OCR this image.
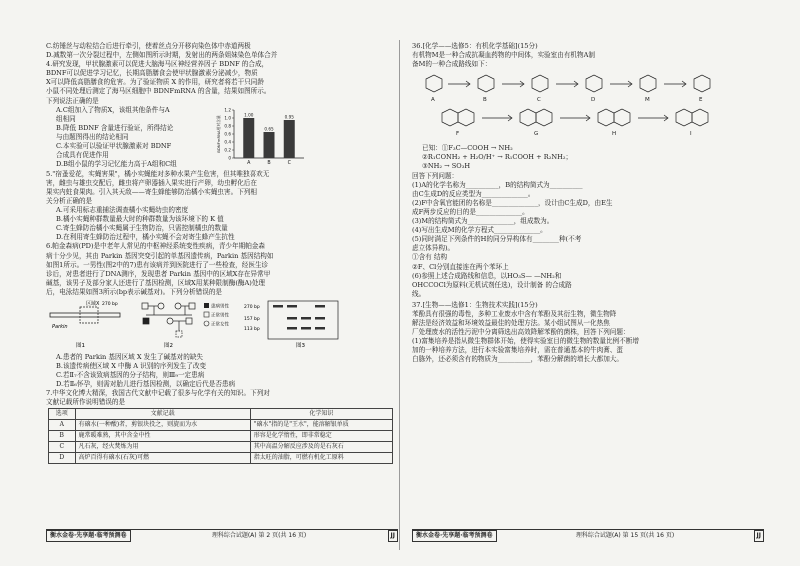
C.纺锤丝与动粒结合后进行牵引，使着丝点分开移向染色体中赤道两极
D.减数第一次分裂过程中，左侧如图所示时期，发射出的两条姐妹染色单体合并
4.研究发现，甲状腺激素可以促进大脑海马区神经营养因子 BDNF 的合成，
BDNF可以促进学习记忆，长期高脂膳食会使甲状腺激素分泌减少，物质
X可以降低高脂膳食的危害。为了验证物质 X 的作用，研究者将若干只同龄
小鼠不同处理后测定了海马区细胞中 BDNFmRNA 的含量，结果如图所示。
下列说法正确的是
A.C组加入了物质X，该组其他条件与A
组相同
B.降低 BDNF 含量进行验证，所得结论
与由题图得出的结论相同
C.本实验可以验证甲状腺激素对 BDNF
合成具有促进作用
D.B组小鼠的学习记忆能力高于A组和C组
0
0.2
0.4
0.6
0.8
1.0
1.2
1.00
A
0.65
B
0.95
C
BDNFmRNA相对含量
5."宿蚤爱花，实蝇害果"，橘小实蝇能对多种水果产生危害，但其唯独喜欢无
害，雌虫与雄虫交配后，雌虫将产卵器插入果实进行产卵，幼虫孵化后在
果实内蛀食果肉。引入其天敌——寄生蜂能够防治橘小实蝇虫害。下列相
关分析正确的是
A.可采用标志重捕法调查橘小实蝇幼虫的密度
B.橘小实蝇种群数量最大时的种群数量为该环境下的 K 值
C.寄生蜂防治橘小实蝇属于生物防治，只需控制橘虫的数量
D.在利用寄生蜂防治过程中，橘小实蝇不会对寄生蜂产生抗性
6.帕金森病(PD)是中老年人常见的中枢神经系统变性疾病，青少年期帕金森
病十分少见，其由 Parkin 基因突变引起的单基因遗传病，Parkin 基因结构如
如图1所示。一男性(图2中的7)患有该病并到医院进行了一些检查，经医生诊
诊后，对患者进行了DNA测序，发现患者 Parkin 基因中的区域X存在异常甲
碱基，该男子及部分家人还进行了基因检测，区域X用某种限制酶(酶A)处理
后，电泳结果如图3所示(bp表示碱基对)。下列分析错误的是
区域X
Parkin
270 bp
图1	图2
患病男性
正常男性
正常女性
270 bp
157 bp
113 bp
图3
A.患者的 Parkin 基因区域 X 发生了碱基对的缺失
B.该遗传病使区域 X 中酶 A 识别的序列发生了改变
C.若Ⅱ₇不含该致病基因的分子结构，则Ⅲ₉一定患病
D.若Ⅱ₆怀孕，则需对胎儿进行基因检测，以确定后代是否患病
7.中华文化博大精深，我国古代文献中记载了很多与化学有关的知识。下列对
文献记载所作说明错误的是
选项	文献记载	化学知识
A	有硇水(一种酸)者，剪银块投之，则旋而为水	"硇水"指的是"王水"，能溶解银单质
B	鹿常暖难熟，其中含金中性	形容是化学惰性，即非常稳定
C	凡石灰，经火焚炼为用	其中高温分解反应涉及的是石灰石
D	高炉百得有硇水(石灰)可燃	指太旺的油脂，可燃有机化工原料
衡水金卷·先享题·临考预测卷	理科综合试题(A) 第 2 页(共 16 页)	JJ
36.[化学——选修5：有机化学基础](15分)
有机物M是一种合成抗凝血药物的中间体，实验室由有机物A制
备M的一种合成路线如下：
A	B	C	D	M	E
F	G	H	I
已知：①F₃C—COOH → NH₂
②R₁CONH₂ + H₂O/H⁺ → R₁COOH + R₂NH₂；
③NH₂ → SO₃H
回答下列问题：
(1)A的化学名称为__________，B的结构简式为__________
由C生成D的反应类型为______________。
(2)F中含氧官能团的名称是______________，设计由C生成D，由E生
成F两步反应的目的是______________。
(3)M的结构简式为______________，组成数为。
(4)写出生成M的化学方程式______________。
(5)同时满足下列条件的H的同分异构体有________种(不考
虑立体异构)。
①含有 结构
②F、Cl分别直接连在两个苯环上
(6)参照上述合成路线和信息，以HO₃S— —NH₂和
OHCCOCl为原料(无机试剂任选)，设计制备 的合成路
线。
37.[生物——选修1：生物技术实践](15分)
苯酚具有很强的毒性，多种工业废水中含有苯酚及其衍生物，微生物降
解法是经济效益和环境效益最佳的处理方法。某小组试图从一化热焦
厂处理废水的活性污泥中分离筛选出高效降解苯酚的菌株，回答下列问题：
(1)富集培养是指从微生物群体开始，使得实验室目的微生物的数量比例不断增
加的一种培养方法，进行本实验富集培养时，需在普通基本的牛肉膏、蛋
白胨外，还必须含有的物质为__________，苯酚分解菌的增长大都加大。
衡水金卷·先享题·临考预测卷	理科综合试题(A) 第 15 页(共 16 页)	JJ
